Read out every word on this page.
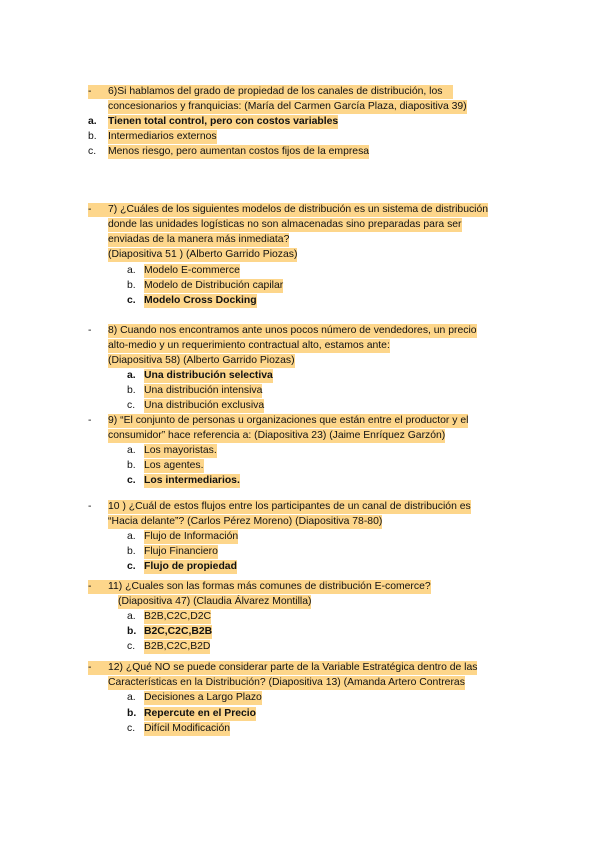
-	6)Si hablamos del grado de propiedad de los canales de distribución, los
concesionarios y franquicias: (María del Carmen García Plaza, diapositiva 39)
a. Tienen total control, pero con costos variables
b. Intermediarios externos
c. Menos riesgo, pero aumentan costos fijos de la empresa
-	7) ¿Cuáles de los siguientes modelos de distribución es un sistema de distribución
donde las unidades logísticas no son almacenadas sino preparadas para ser
enviadas de la manera más inmediata?
(Diapositiva 51 ) (Alberto Garrido Piozas)
a. Modelo E-commerce
b. Modelo de Distribución capilar
c. Modelo Cross Docking
- 8) Cuando nos encontramos ante unos pocos número de vendedores, un precio
alto-medio y un requerimiento contractual alto, estamos ante:
(Diapositiva 58) (Alberto Garrido Piozas)
a. Una distribución selectiva
b. Una distribución intensiva
c. Una distribución exclusiva
- 9) “El conjunto de personas u organizaciones que están entre el productor y el
consumidor” hace referencia a: (Diapositiva 23) (Jaime Enríquez Garzón)
a. Los mayoristas.
b. Los agentes.
c. Los intermediarios.
- 10 ) ¿Cuál de estos flujos entre los participantes de un canal de distribución es
“Hacia delante”? (Carlos Pérez Moreno) (Diapositiva 78-80)
a. Flujo de Información
b. Flujo Financiero
c. Flujo de propiedad
-	11) ¿Cuales son las formas más comunes de distribución E-comerce?
(Diapositiva 47) (Claudia Álvarez Montilla)
a. B2B,C2C,D2C
b. B2C,C2C,B2B
c. B2B,C2C,B2D
-	12) ¿Qué NO se puede considerar parte de la Variable Estratégica dentro de las
Características en la Distribución? (Diapositiva 13) (Amanda Artero Contreras
a. Decisiones a Largo Plazo
b. Repercute en el Precio
c. Difícil Modificación
